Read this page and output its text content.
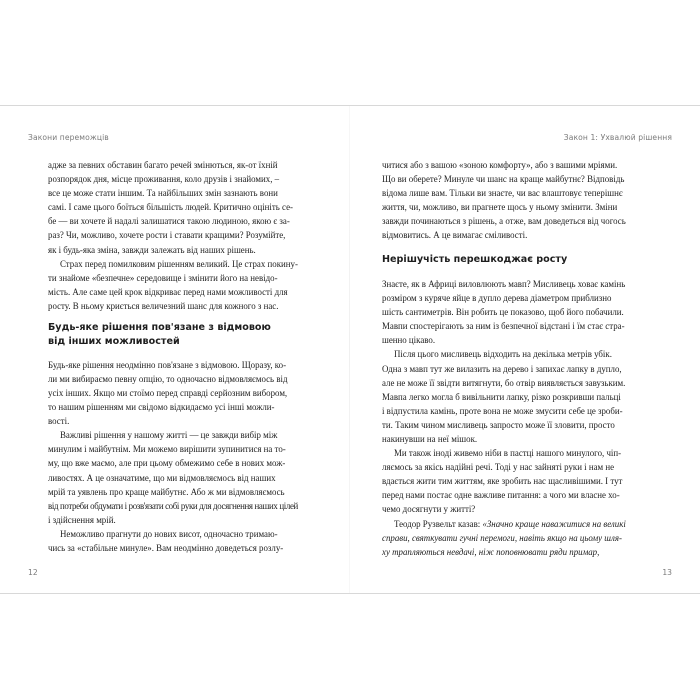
Закони переможців
адже за певних обставин багато речей змінються, як-от їхній
розпорядок дня, місце проживання, коло друзів і знайомих, –
все це може стати іншим. Та найбільших змін зазнають вони
самі. І саме цього боїться більшість людей. Критично оцініть се-
бе — ви хочете й надалі залишатися такою людиною, якою є за-
раз? Чи, можливо, хочете рости і ставати кращими? Розумійте,
як і будь-яка зміна, завжди залежать від наших рішень.
Страх перед помилковим рішенням великий. Це страх покину-
ти знайоме «безпечне» середовище і змінити його на невідо-
мість. Але саме цей крок відкриває перед нами можливості для
росту. В ньому криється величезний шанс для кожного з нас.
Будь-яке рішення пов'язане з відмовою
від інших можливостей
Будь-яке рішення неодмінно пов'язане з відмовою. Щоразу, ко-
ли ми вибираємо певну опцію, то одночасно відмовляємось від
усіх інших. Якщо ми стоїмо перед справді серйозним вибором,
то нашим рішенням ми свідомо відкидаємо усі інші можли-
вості.
Важливі рішення у нашому житті — це завжди вибір між
минулим і майбутнім. Ми можемо вирішити зупинитися на то-
му, що вже маємо, але при цьому обмежимо себе в нових мож-
ливостях. А це означатиме, що ми відмовляємось від наших
мрій та уявлень про краще майбутнє. Або ж ми відмовляємось
від потреби обдумати і розв'язати собі руки для досягнення наших цілей
і здійснення мрій.
Неможливо прагнути до нових висот, одночасно тримаю-
чись за «стабільне минуле». Вам неодмінно доведеться розлу-
12
Закон 1: Ухвалюй рішення
читися або з вашою «зоною комфорту», або з вашими мріями.
Що ви оберете? Минуле чи шанс на краще майбутнє? Відповідь
відома лише вам. Тільки ви знаєте, чи вас влаштовує теперішнє
життя, чи, можливо, ви прагнете щось у ньому змінити. Зміни
завжди починаються з рішень, а отже, вам доведеться від чогось
відмовитись. А це вимагає сміливості.
Нерішучість перешкоджає росту
Знаєте, як в Африці виловлюють мавп? Мисливець ховає камінь
розміром з куряче яйце в дупло дерева діаметром приблизно
шість сантиметрів. Він робить це показово, щоб його побачили.
Мавпи спостерігають за ним із безпечної відстані і їм стає стра-
шенно цікаво.
Після цього мисливець відходить на декілька метрів убік.
Одна з мавп тут же вилазить на дерево і запихає лапку в дупло,
але не може її звідти витягнути, бо отвір виявляється завузьким.
Мавпа легко могла б вивільнити лапку, різко розкривши пальці
і відпустила камінь, проте вона не може змусити себе це зроби-
ти. Таким чином мисливець запросто може її зловити, просто
накинувши на неї мішок.
Ми також іноді живемо ніби в пастці нашого минулого, чіп-
ляємось за якісь надійні речі. Тоді у нас зайняті руки і нам не
вдається жити тим життям, яке зробить нас щасливішими. І тут
перед нами постає одне важливе питання: а чого ми власне хо-
чемо досягнути у житті?
Теодор Рузвельт казав: «Значно краще наважитися на великі
справи, святкувати гучні перемоги, навіть якщо на цьому шля-
ху трапляються невдачі, ніж поповнювати ряди примар,
13
